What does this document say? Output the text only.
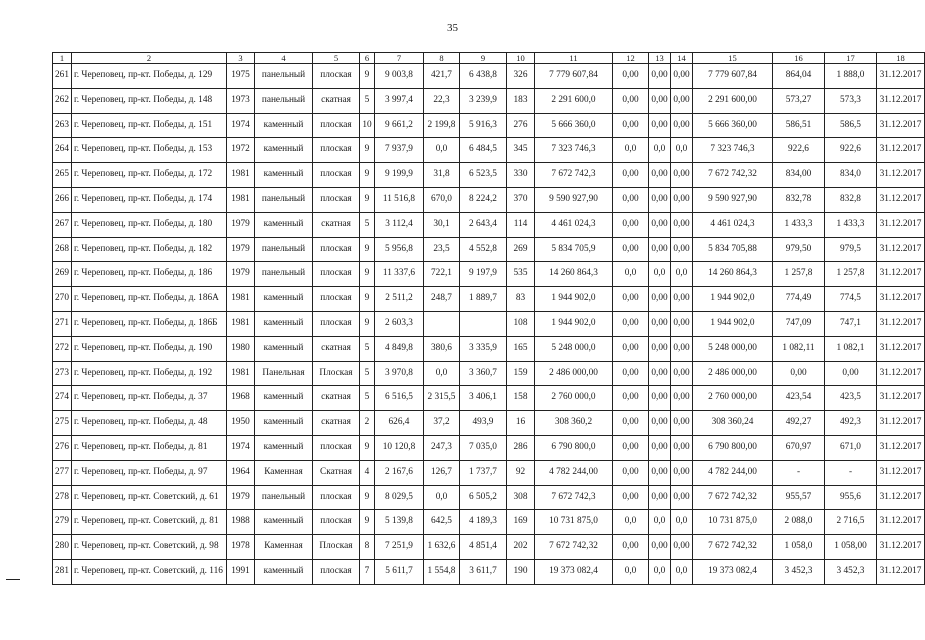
35
1	2	3	4	5	6	7	8	9	10	11	12	13	14	15	16	17	18
261	г. Череповец, пр-кт. Победы, д. 129	1975	панельный	плоская	9	9 003,8	421,7	6 438,8	326	7 779 607,84	0,00	0,00	0,00	7 779 607,84	864,04	1 888,0	31.12.2017
262	г. Череповец, пр-кт. Победы, д. 148	1973	панельный	скатная	5	3 997,4	22,3	3 239,9	183	2 291 600,0	0,00	0,00	0,00	2 291 600,00	573,27	573,3	31.12.2017
263	г. Череповец, пр-кт. Победы, д. 151	1974	каменный	плоская	10	9 661,2	2 199,8	5 916,3	276	5 666 360,0	0,00	0,00	0,00	5 666 360,00	586,51	586,5	31.12.2017
264	г. Череповец, пр-кт. Победы, д. 153	1972	каменный	плоская	9	7 937,9	0,0	6 484,5	345	7 323 746,3	0,0	0,0	0,0	7 323 746,3	922,6	922,6	31.12.2017
265	г. Череповец, пр-кт. Победы, д. 172	1981	каменный	плоская	9	9 199,9	31,8	6 523,5	330	7 672 742,3	0,00	0,00	0,00	7 672 742,32	834,00	834,0	31.12.2017
266	г. Череповец, пр-кт. Победы, д. 174	1981	панельный	плоская	9	11 516,8	670,0	8 224,2	370	9 590 927,90	0,00	0,00	0,00	9 590 927,90	832,78	832,8	31.12.2017
267	г. Череповец, пр-кт. Победы, д. 180	1979	каменный	скатная	5	3 112,4	30,1	2 643,4	114	4 461 024,3	0,00	0,00	0,00	4 461 024,3	1 433,3	1 433,3	31.12.2017
268	г. Череповец, пр-кт. Победы, д. 182	1979	панельный	плоская	9	5 956,8	23,5	4 552,8	269	5 834 705,9	0,00	0,00	0,00	5 834 705,88	979,50	979,5	31.12.2017
269	г. Череповец, пр-кт. Победы, д. 186	1979	панельный	плоская	9	11 337,6	722,1	9 197,9	535	14 260 864,3	0,0	0,0	0,0	14 260 864,3	1 257,8	1 257,8	31.12.2017
270	г. Череповец, пр-кт. Победы, д. 186А	1981	каменный	плоская	9	2 511,2	248,7	1 889,7	83	1 944 902,0	0,00	0,00	0,00	1 944 902,0	774,49	774,5	31.12.2017
271	г. Череповец, пр-кт. Победы, д. 186Б	1981	каменный	плоская	9	2 603,3			108	1 944 902,0	0,00	0,00	0,00	1 944 902,0	747,09	747,1	31.12.2017
272	г. Череповец, пр-кт. Победы, д. 190	1980	каменный	скатная	5	4 849,8	380,6	3 335,9	165	5 248 000,0	0,00	0,00	0,00	5 248 000,00	1 082,11	1 082,1	31.12.2017
273	г. Череповец, пр-кт. Победы, д. 192	1981	Панельная	Плоская	5	3 970,8	0,0	3 360,7	159	2 486 000,00	0,00	0,00	0,00	2 486 000,00	0,00	0,00	31.12.2017
274	г. Череповец, пр-кт. Победы, д. 37	1968	каменный	скатная	5	6 516,5	2 315,5	3 406,1	158	2 760 000,0	0,00	0,00	0,00	2 760 000,00	423,54	423,5	31.12.2017
275	г. Череповец, пр-кт. Победы, д. 48	1950	каменный	скатная	2	626,4	37,2	493,9	16	308 360,2	0,00	0,00	0,00	308 360,24	492,27	492,3	31.12.2017
276	г. Череповец, пр-кт. Победы, д. 81	1974	каменный	плоская	9	10 120,8	247,3	7 035,0	286	6 790 800,0	0,00	0,00	0,00	6 790 800,00	670,97	671,0	31.12.2017
277	г. Череповец, пр-кт. Победы, д. 97	1964	Каменная	Скатная	4	2 167,6	126,7	1 737,7	92	4 782 244,00	0,00	0,00	0,00	4 782 244,00	-	-	31.12.2017
278	г. Череповец, пр-кт. Советский, д. 61	1979	панельный	плоская	9	8 029,5	0,0	6 505,2	308	7 672 742,3	0,00	0,00	0,00	7 672 742,32	955,57	955,6	31.12.2017
279	г. Череповец, пр-кт. Советский, д. 81	1988	каменный	плоская	9	5 139,8	642,5	4 189,3	169	10 731 875,0	0,0	0,0	0,0	10 731 875,0	2 088,0	2 716,5	31.12.2017
280	г. Череповец, пр-кт. Советский, д. 98	1978	Каменная	Плоская	8	7 251,9	1 632,6	4 851,4	202	7 672 742,32	0,00	0,00	0,00	7 672 742,32	1 058,0	1 058,00	31.12.2017
281	г. Череповец, пр-кт. Советский, д. 116	1991	каменный	плоская	7	5 611,7	1 554,8	3 611,7	190	19 373 082,4	0,0	0,0	0,0	19 373 082,4	3 452,3	3 452,3	31.12.2017
